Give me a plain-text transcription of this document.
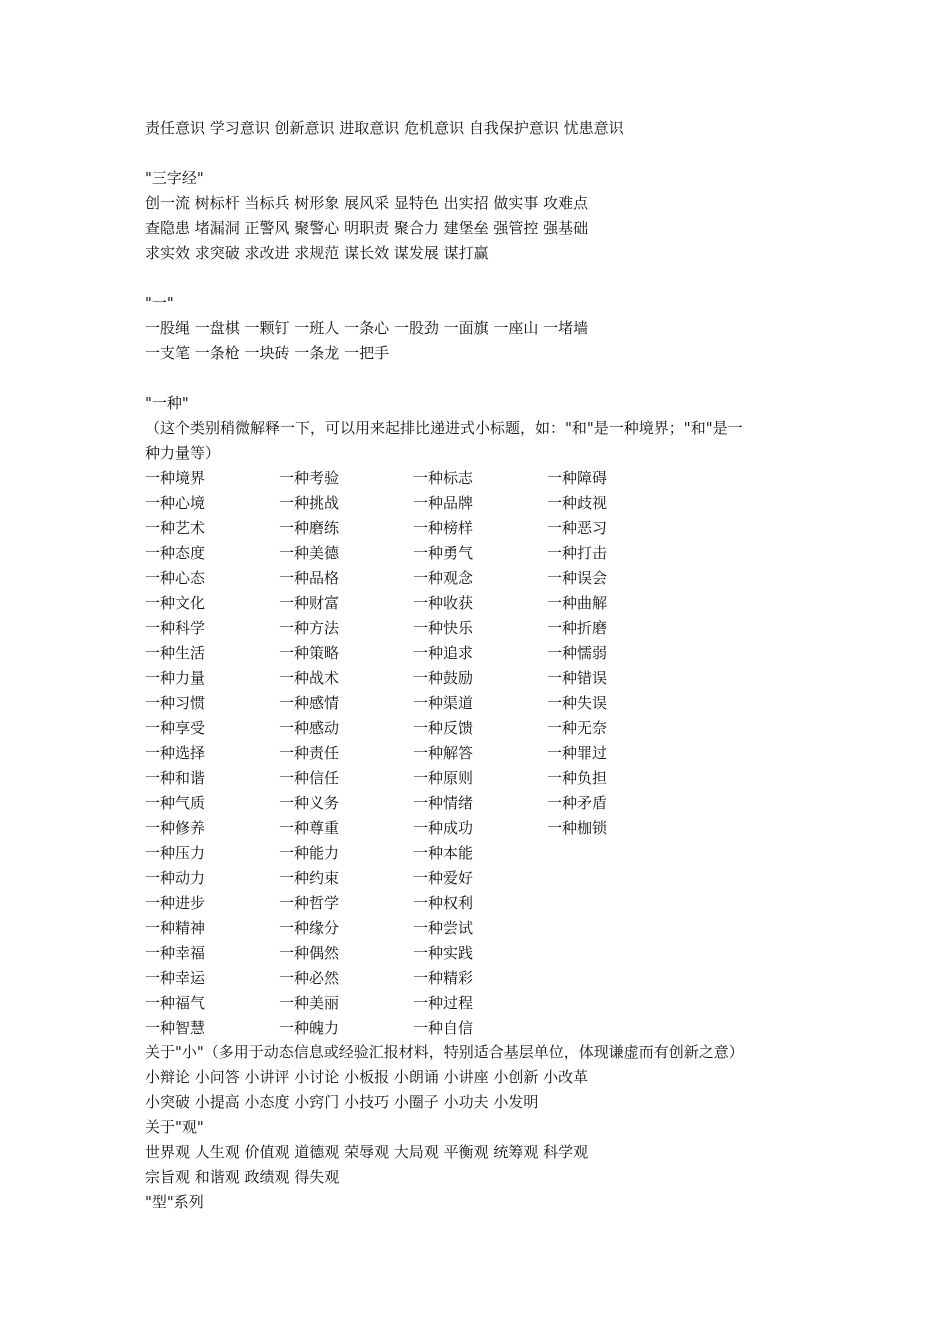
责任意识 学习意识 创新意识 进取意识 危机意识 自我保护意识 忧患意识
"三字经"
创一流 树标杆 当标兵 树形象 展风采 显特色 出实招 做实事 攻难点
查隐患 堵漏洞 正警风 聚警心 明职责 聚合力 建堡垒 强管控 强基础
求实效 求突破 求改进 求规范 谋长效 谋发展 谋打赢
"一"
一股绳 一盘棋 一颗钉 一班人 一条心 一股劲 一面旗 一座山 一堵墙
一支笔 一条枪 一块砖 一条龙 一把手
"一种"
（这个类别稍微解释一下，可以用来起排比递进式小标题，如："和"是一种境界；"和"是一
种力量等）
关于"小"（多用于动态信息或经验汇报材料，特别适合基层单位，体现谦虚而有创新之意）
小辩论 小问答 小讲评 小讨论 小板报 小朗诵 小讲座 小创新 小改革
小突破 小提高 小态度 小窍门 小技巧 小圈子 小功夫 小发明
关于"观"
世界观 人生观 价值观 道德观 荣辱观 大局观 平衡观 统筹观 科学观
宗旨观 和谐观 政绩观 得失观
"型"系列
一种境界
一种心境
一种艺术
一种态度
一种心态
一种文化
一种科学
一种生活
一种力量
一种习惯
一种享受
一种选择
一种和谐
一种气质
一种修养
一种压力
一种动力
一种进步
一种精神
一种幸福
一种幸运
一种福气
一种智慧
一种考验
一种挑战
一种磨练
一种美德
一种品格
一种财富
一种方法
一种策略
一种战术
一种感情
一种感动
一种责任
一种信任
一种义务
一种尊重
一种能力
一种约束
一种哲学
一种缘分
一种偶然
一种必然
一种美丽
一种魄力
一种标志
一种品牌
一种榜样
一种勇气
一种观念
一种收获
一种快乐
一种追求
一种鼓励
一种渠道
一种反馈
一种解答
一种原则
一种情绪
一种成功
一种本能
一种爱好
一种权利
一种尝试
一种实践
一种精彩
一种过程
一种自信
一种障碍
一种歧视
一种恶习
一种打击
一种误会
一种曲解
一种折磨
一种懦弱
一种错误
一种失误
一种无奈
一种罪过
一种负担
一种矛盾
一种枷锁
